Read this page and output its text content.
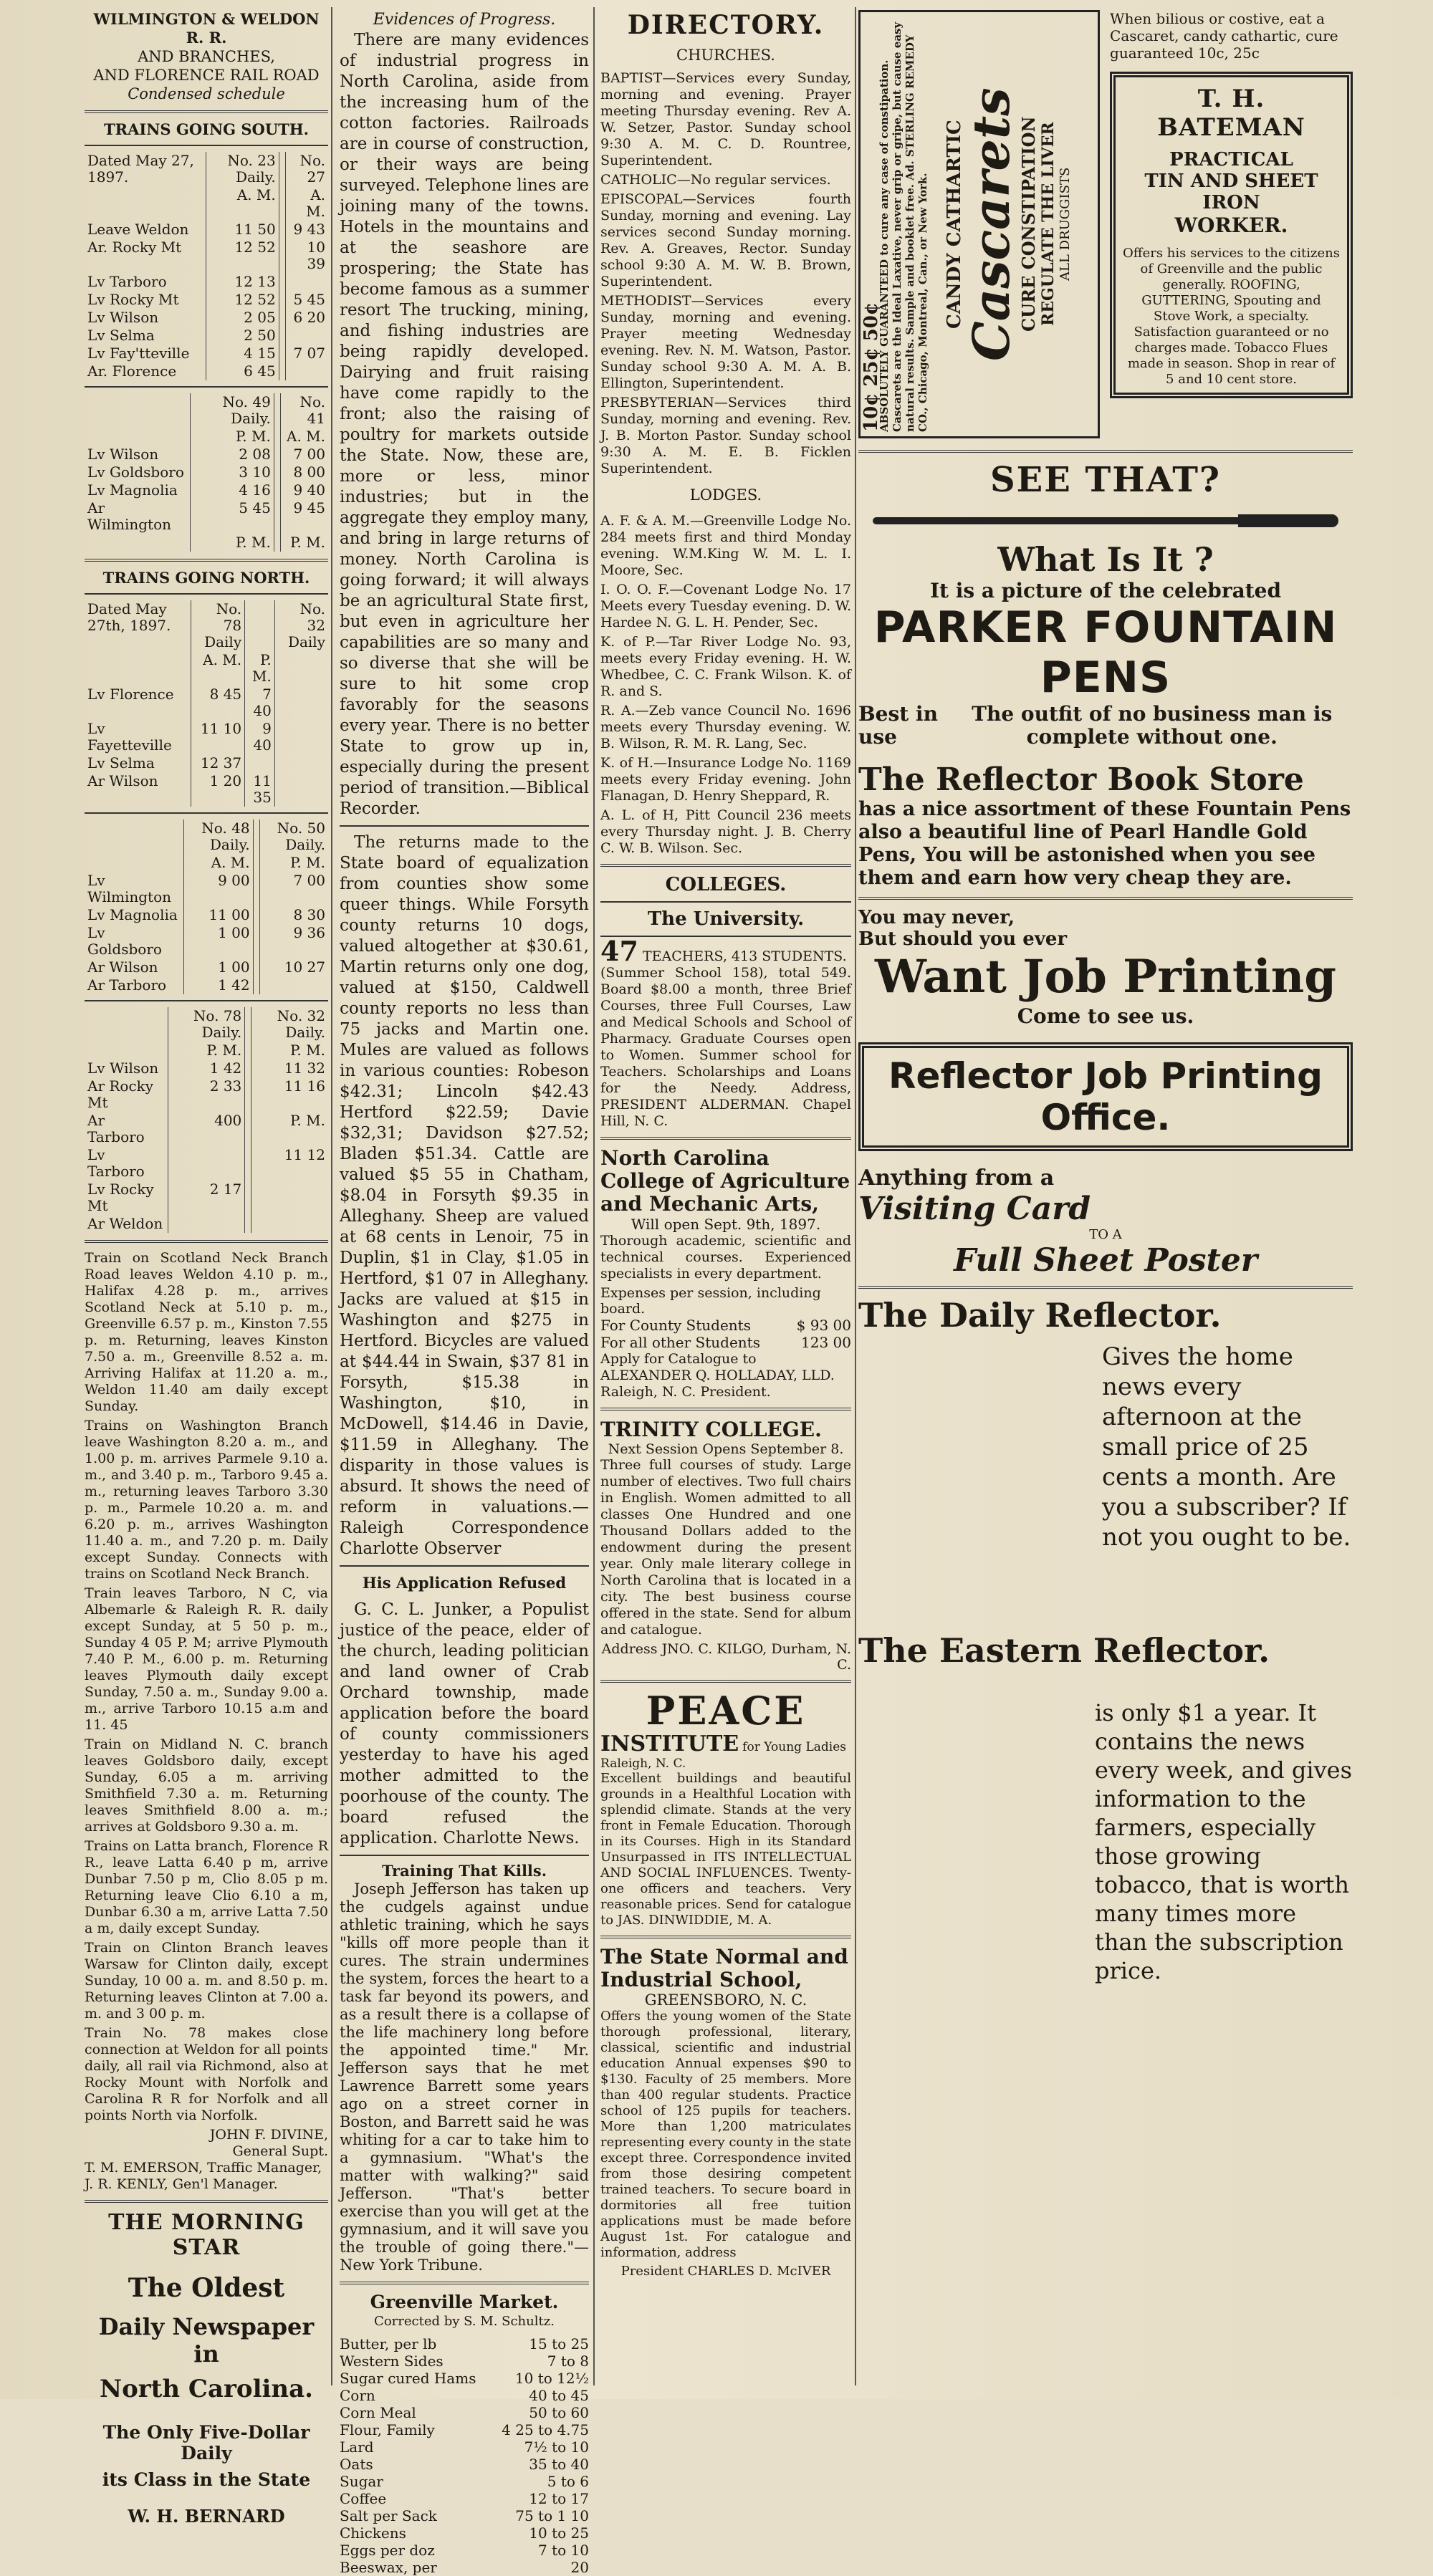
WILMINGTON & WELDON R. R.
AND BRANCHES,
AND FLORENCE RAIL ROAD
Condensed schedule
TRAINS GOING SOUTH.
Dated May 27, 1897.	No. 23 Daily.		No. 27
	A. M.		A. M.
Leave Weldon	11 50		9 43
Ar. Rocky Mt	12 52		10 39
Lv Tarboro	12 13		
Lv Rocky Mt	12 52		5 45
Lv Wilson	2 05		6 20
Lv Selma	2 50		
Lv Fay'tteville	4 15		7 07
Ar. Florence	6 45		
	No. 49 Daily.		No. 41
	P. M.		A. M.
Lv Wilson	2 08		7 00
Lv Goldsboro	3 10		8 00
Lv Magnolia	4 16		9 40
Ar Wilmington	5 45		9 45
	P. M.		P. M.
TRAINS GOING NORTH.
Dated May 27th, 1897.	No. 78 Daily		No. 32 Daily
	A. M.	P. M.	
Lv Florence	8 45	7 40	
Lv Fayetteville	11 10	9 40	
Lv Selma	12 37		
Ar Wilson	1 20	11 35	
	No. 48 Daily.		No. 50 Daily.
	A. M.		P. M.
Lv Wilmington	9 00		7 00
Lv Magnolia	11 00		8 30
Lv Goldsboro	1 00		9 36
Ar Wilson	1 00		10 27
Ar Tarboro	1 42		
	No. 78 Daily.		No. 32 Daily.
	P. M.		P. M.
Lv Wilson	1 42		11 32
Ar Rocky Mt	2 33		11 16
Ar Tarboro	400		P. M.
Lv Tarboro			11 12
Lv Rocky Mt	2 17		
Ar Weldon			

Train on Scotland Neck Branch Road leaves Weldon 4.10 p. m., Halifax 4.28 p. m., arrives Scotland Neck at 5.10 p. m., Greenville 6.57 p. m., Kinston 7.55 p. m. Returning, leaves Kinston 7.50 a. m., Greenville 8.52 a. m. Arriving Halifax at 11.20 a. m., Weldon 11.40 am daily except Sunday.

Trains on Washington Branch leave Washington 8.20 a. m., and 1.00 p. m. arrives Parmele 9.10 a. m., and 3.40 p. m., Tarboro 9.45 a. m., returning leaves Tarboro 3.30 p. m., Parmele 10.20 a. m. and 6.20 p. m., arrives Washington 11.40 a. m., and 7.20 p. m. Daily except Sunday. Connects with trains on Scotland Neck Branch.

Train leaves Tarboro, N C, via Albemarle & Raleigh R. R. daily except Sunday, at 5 50 p. m., Sunday 4 05 P. M; arrive Plymouth 7.40 P. M., 6.00 p. m. Returning leaves Plymouth daily except Sunday, 7.50 a. m., Sunday 9.00 a. m., arrive Tarboro 10.15 a.m and 11. 45

Train on Midland N. C. branch leaves Goldsboro daily, except Sunday, 6.05 a m. arriving Smithfield 7.30 a. m. Returning leaves Smithfield 8.00 a. m.; arrives at Goldsboro 9.30 a. m.

Trains on Latta branch, Florence R R., leave Latta 6.40 p m, arrive Dunbar 7.50 p m, Clio 8.05 p m. Returning leave Clio 6.10 a m, Dunbar 6.30 a m, arrive Latta 7.50 a m, daily except Sunday.

Train on Clinton Branch leaves Warsaw for Clinton daily, except Sunday, 10 00 a. m. and 8.50 p. m. Returning leaves Clinton at 7.00 a. m. and 3 00 p. m.

Train No. 78 makes close connection at Weldon for all points daily, all rail via Richmond, also at Rocky Mount with Norfolk and Carolina R R for Norfolk and all points North via Norfolk.

JOHN F. DIVINE,
General Supt.
T. M. EMERSON, Traffic Manager,
J. R. KENLY, Gen'l Manager.
THE MORNING STAR
The Oldest
Daily Newspaper in
North Carolina.
The Only Five-Dollar Daily
its Class in the State
W. H. BERNARD
Evidences of Progress.

There are many evidences of industrial progress in North Carolina, aside from the increasing hum of the cotton factories. Railroads are in course of construction, or their ways are being surveyed. Telephone lines are joining many of the towns. Hotels in the mountains and at the seashore are prospering; the State has become famous as a summer resort The trucking, mining, and fishing industries are being rapidly developed. Dairying and fruit raising have come rapidly to the front; also the raising of poultry for markets outside the State. Now, these are, more or less, minor industries; but in the aggregate they employ many, and bring in large returns of money. North Carolina is going forward; it will always be an agricultural State first, but even in agriculture her capabilities are so many and so diverse that she will be sure to hit some crop favorably for the seasons every year. There is no better State to grow up in, especially during the present period of transition.—Biblical Recorder.

The returns made to the State board of equalization from counties show some queer things. While Forsyth county returns 10 dogs, valued altogether at $30.61, Martin returns only one dog, valued at $150, Caldwell county reports no less than 75 jacks and Martin one. Mules are valued as follows in various counties: Robeson $42.31; Lincoln $42.43 Hertford $22.59; Davie $32,31; Davidson $27.52; Bladen $51.34. Cattle are valued $5 55 in Chatham, $8.04 in Forsyth $9.35 in Alleghany. Sheep are valued at 68 cents in Lenoir, 75 in Duplin, $1 in Clay, $1.05 in Hertford, $1 07 in Alleghany. Jacks are valued at $15 in Washington and $275 in Hertford. Bicycles are valued at $44.44 in Swain, $37 81 in Forsyth, $15.38 in Washington, $10, in McDowell, $14.46 in Davie, $11.59 in Alleghany. The disparity in those values is absurd. It shows the need of reform in valuations.—Raleigh Correspondence Charlotte Observer

His Application Refused

G. C. L. Junker, a Populist justice of the peace, elder of the church, leading politician and land owner of Crab Orchard township, made application before the board of county commissioners yesterday to have his aged mother admitted to the poorhouse of the county. The board refused the application. Charlotte News.

Training That Kills.

Joseph Jefferson has taken up the cudgels against undue athletic training, which he says "kills off more people than it cures. The strain undermines the system, forces the heart to a task far beyond its powers, and as a result there is a collapse of the life machinery long before the appointed time." Mr. Jefferson says that he met Lawrence Barrett some years ago on a street corner in Boston, and Barrett said he was whiting for a car to take him to a gymnasium. "What's the matter with walking?" said Jefferson. "That's better exercise than you will get at the gymnasium, and it will save you the trouble of going there."—New York Tribune.

Greenville Market.
Corrected by S. M. Schultz.
Butter, per lb	15 to 25
Western Sides	7 to 8
Sugar cured Hams	10 to 12½
Corn	40 to 45
Corn Meal	50 to 60
Flour, Family	4 25 to 4.75
Lard	7½ to 10
Oats	35 to 40
Sugar	5 to 6
Coffee	12 to 17
Salt per Sack	75 to 1 10
Chickens	10 to 25
Eggs per doz	7 to 10
Beeswax, per	20
DIRECTORY.
CHURCHES.

BAPTIST—Services every Sunday, morning and evening. Prayer meeting Thursday evening. Rev A. W. Setzer, Pastor. Sunday school 9:30 A. M. C. D. Rountree, Superintendent.

CATHOLIC—No regular services.

EPISCOPAL—Services fourth Sunday, morning and evening. Lay services second Sunday morning. Rev. A. Greaves, Rector. Sunday school 9:30 A. M. W. B. Brown, Superintendent.

METHODIST—Services every Sunday, morning and evening. Prayer meeting Wednesday evening. Rev. N. M. Watson, Pastor. Sunday school 9:30 A. M. A. B. Ellington, Superintendent.

PRESBYTERIAN—Services third Sunday, morning and evening. Rev. J. B. Morton Pastor. Sunday school 9:30 A. M. E. B. Ficklen Superintendent.

LODGES.

A. F. & A. M.—Greenville Lodge No. 284 meets first and third Monday evening. W.M.King W. M. L. I. Moore, Sec.

I. O. O. F.—Covenant Lodge No. 17 Meets every Tuesday evening. D. W. Hardee N. G. L. H. Pender, Sec.

K. of P.—Tar River Lodge No. 93, meets every Friday evening. H. W. Whedbee, C. C. Frank Wilson. K. of R. and S.

R. A.—Zeb vance Council No. 1696 meets every Thursday evening. W. B. Wilson, R. M. R. Lang, Sec.

K. of H.—Insurance Lodge No. 1169 meets every Friday evening. John Flanagan, D. Henry Sheppard, R.

A. L. of H, Pitt Council 236 meets every Thursday night. J. B. Cherry C. W. B. Wilson. Sec.

COLLEGES.
The University.
47 TEACHERS, 413 STUDENTS.

(Summer School 158), total 549. Board $8.00 a month, three Brief Courses, three Full Courses, Law and Medical Schools and School of Pharmacy. Graduate Courses open to Women. Summer school for Teachers. Scholarships and Loans for the Needy. Address, PRESIDENT ALDERMAN. Chapel Hill, N. C.

North Carolina College of Agriculture and Mechanic Arts,
Will open Sept. 9th, 1897.

Thorough academic, scientific and technical courses. Experienced specialists in every department.

Expenses per session, including board.
For County Students	$ 93 00
For all other Students	123 00

Apply for Catalogue to ALEXANDER Q. HOLLADAY, LLD. Raleigh, N. C. President.

TRINITY COLLEGE.
Next Session Opens September 8.

Three full courses of study. Large number of electives. Two full chairs in English. Women admitted to all classes One Hundred and one Thousand Dollars added to the endowment during the present year. Only male literary college in North Carolina that is located in a city. The best business course offered in the state. Send for album and catalogue.

Address JNO. C. KILGO, Durham, N. C.
PEACE
INSTITUTE for Young Ladies Raleigh, N. C.

Excellent buildings and beautiful grounds in a Healthful Location with splendid climate. Stands at the very front in Female Education. Thorough in its Courses. High in its Standard Unsurpassed in ITS INTELLECTUAL AND SOCIAL INFLUENCES. Twenty-one officers and teachers. Very reasonable prices. Send for catalogue to JAS. DINWIDDIE, M. A.

The State Normal and Industrial School,
GREENSBORO, N. C.

Offers the young women of the State thorough professional, literary, classical, scientific and industrial education Annual expenses $90 to $130. Faculty of 25 members. More than 400 regular students. Practice school of 125 pupils for teachers. More than 1,200 matriculates representing every county in the state except three. Correspondence invited from those desiring competent trained teachers. To secure board in dormitories all free tuition applications must be made before August 1st. For catalogue and information, address

President CHARLES D. McIVER
10¢ 25¢ 50¢
ABSOLUTELY GUARANTEED to cure any case of constipation. Cascarets are the Ideal Laxative, never grip or gripe, but cause easy natural results. Sample and booklet free. Ad. STERLING REMEDY CO., Chicago, Montreal, Can., or New York. CANDY CATHARTIC
Cascarets
CURE CONSTIPATION REGULATE THE LIVER ALL DRUGGISTS

When bilious or costive, eat a Cascaret, candy cathartic, cure guaranteed 10c, 25c

T. H. BATEMAN
PRACTICAL
TIN AND SHEET IRON
WORKER.

Offers his services to the citizens of Greenville and the public generally. ROOFING, GUTTERING, Spouting and Stove Work, a specialty. Satisfaction guaranteed or no charges made. Tobacco Flues made in season. Shop in rear of 5 and 10 cent store.

SEE THAT?
What Is It ?
It is a picture of the celebrated
PARKER FOUNTAIN PENS
Best in use
The outfit of no business man is complete without one.
The Reflector Book Store

has a nice assortment of these Fountain Pens also a beautiful line of Pearl Handle Gold Pens, You will be astonished when you see them and earn how very cheap they are.

You may never,
But should you ever
Want Job Printing
Come to see us.
Reflector Job Printing Office.
Anything from a
Visiting Card
TO A
Full Sheet Poster
The Daily Reflector.

Gives the home news every afternoon at the small price of 25 cents a month. Are you a subscriber? If not you ought to be.

The Eastern Reflector.

is only $1 a year. It contains the news every week, and gives information to the farmers, especially those growing tobacco, that is worth many times more than the subscription price.
